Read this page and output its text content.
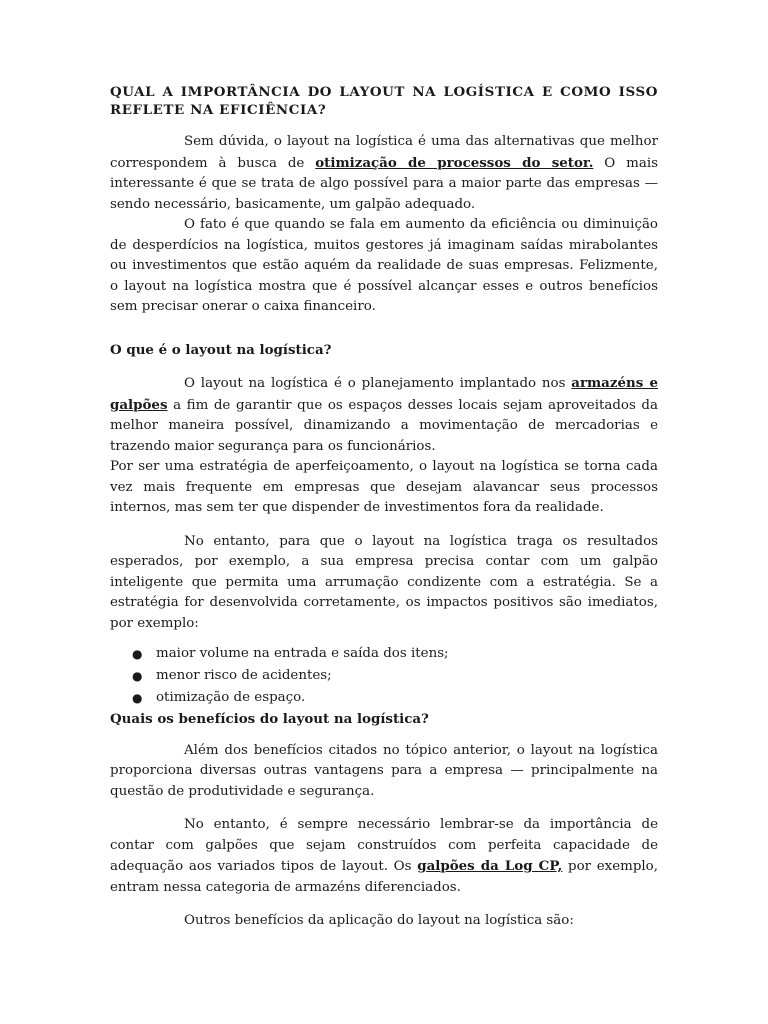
QUAL A IMPORTÂNCIA DO LAYOUT NA LOGÍSTICA E COMO ISSO REFLETE NA EFICIÊNCIA?

Sem dúvida, o layout na logística é uma das alternativas que melhor correspondem à busca de otimização de processos do setor. O mais interessante é que se trata de algo possível para a maior parte das empresas — sendo necessário, basicamente, um galpão adequado.

O fato é que quando se fala em aumento da eficiência ou diminuição de desperdícios na logística, muitos gestores já imaginam saídas mirabolantes ou investimentos que estão aquém da realidade de suas empresas. Felizmente, o layout na logística mostra que é possível alcançar esses e outros benefícios sem precisar onerar o caixa financeiro.

O que é o layout na logística?

O layout na logística é o planejamento implantado nos armazéns e galpões a fim de garantir que os espaços desses locais sejam aproveitados da melhor maneira possível, dinamizando a movimentação de mercadorias e trazendo maior segurança para os funcionários.

Por ser uma estratégia de aperfeiçoamento, o layout na logística se torna cada vez mais frequente em empresas que desejam alavancar seus processos internos, mas sem ter que dispender de investimentos fora da realidade.

No entanto, para que o layout na logística traga os resultados esperados, por exemplo, a sua empresa precisa contar com um galpão inteligente que permita uma arrumação condizente com a estratégia. Se a estratégia for desenvolvida corretamente, os impactos positivos são imediatos, por exemplo:

● maior volume na entrada e saída dos itens;
● menor risco de acidentes;
● otimização de espaço.
Quais os benefícios do layout na logística?

Além dos benefícios citados no tópico anterior, o layout na logística proporciona diversas outras vantagens para a empresa — principalmente na questão de produtividade e segurança.

No entanto, é sempre necessário lembrar-se da importância de contar com galpões que sejam construídos com perfeita capacidade de adequação aos variados tipos de layout. Os galpões da Log CP, por exemplo, entram nessa categoria de armazéns diferenciados.

Outros benefícios da aplicação do layout na logística são:
